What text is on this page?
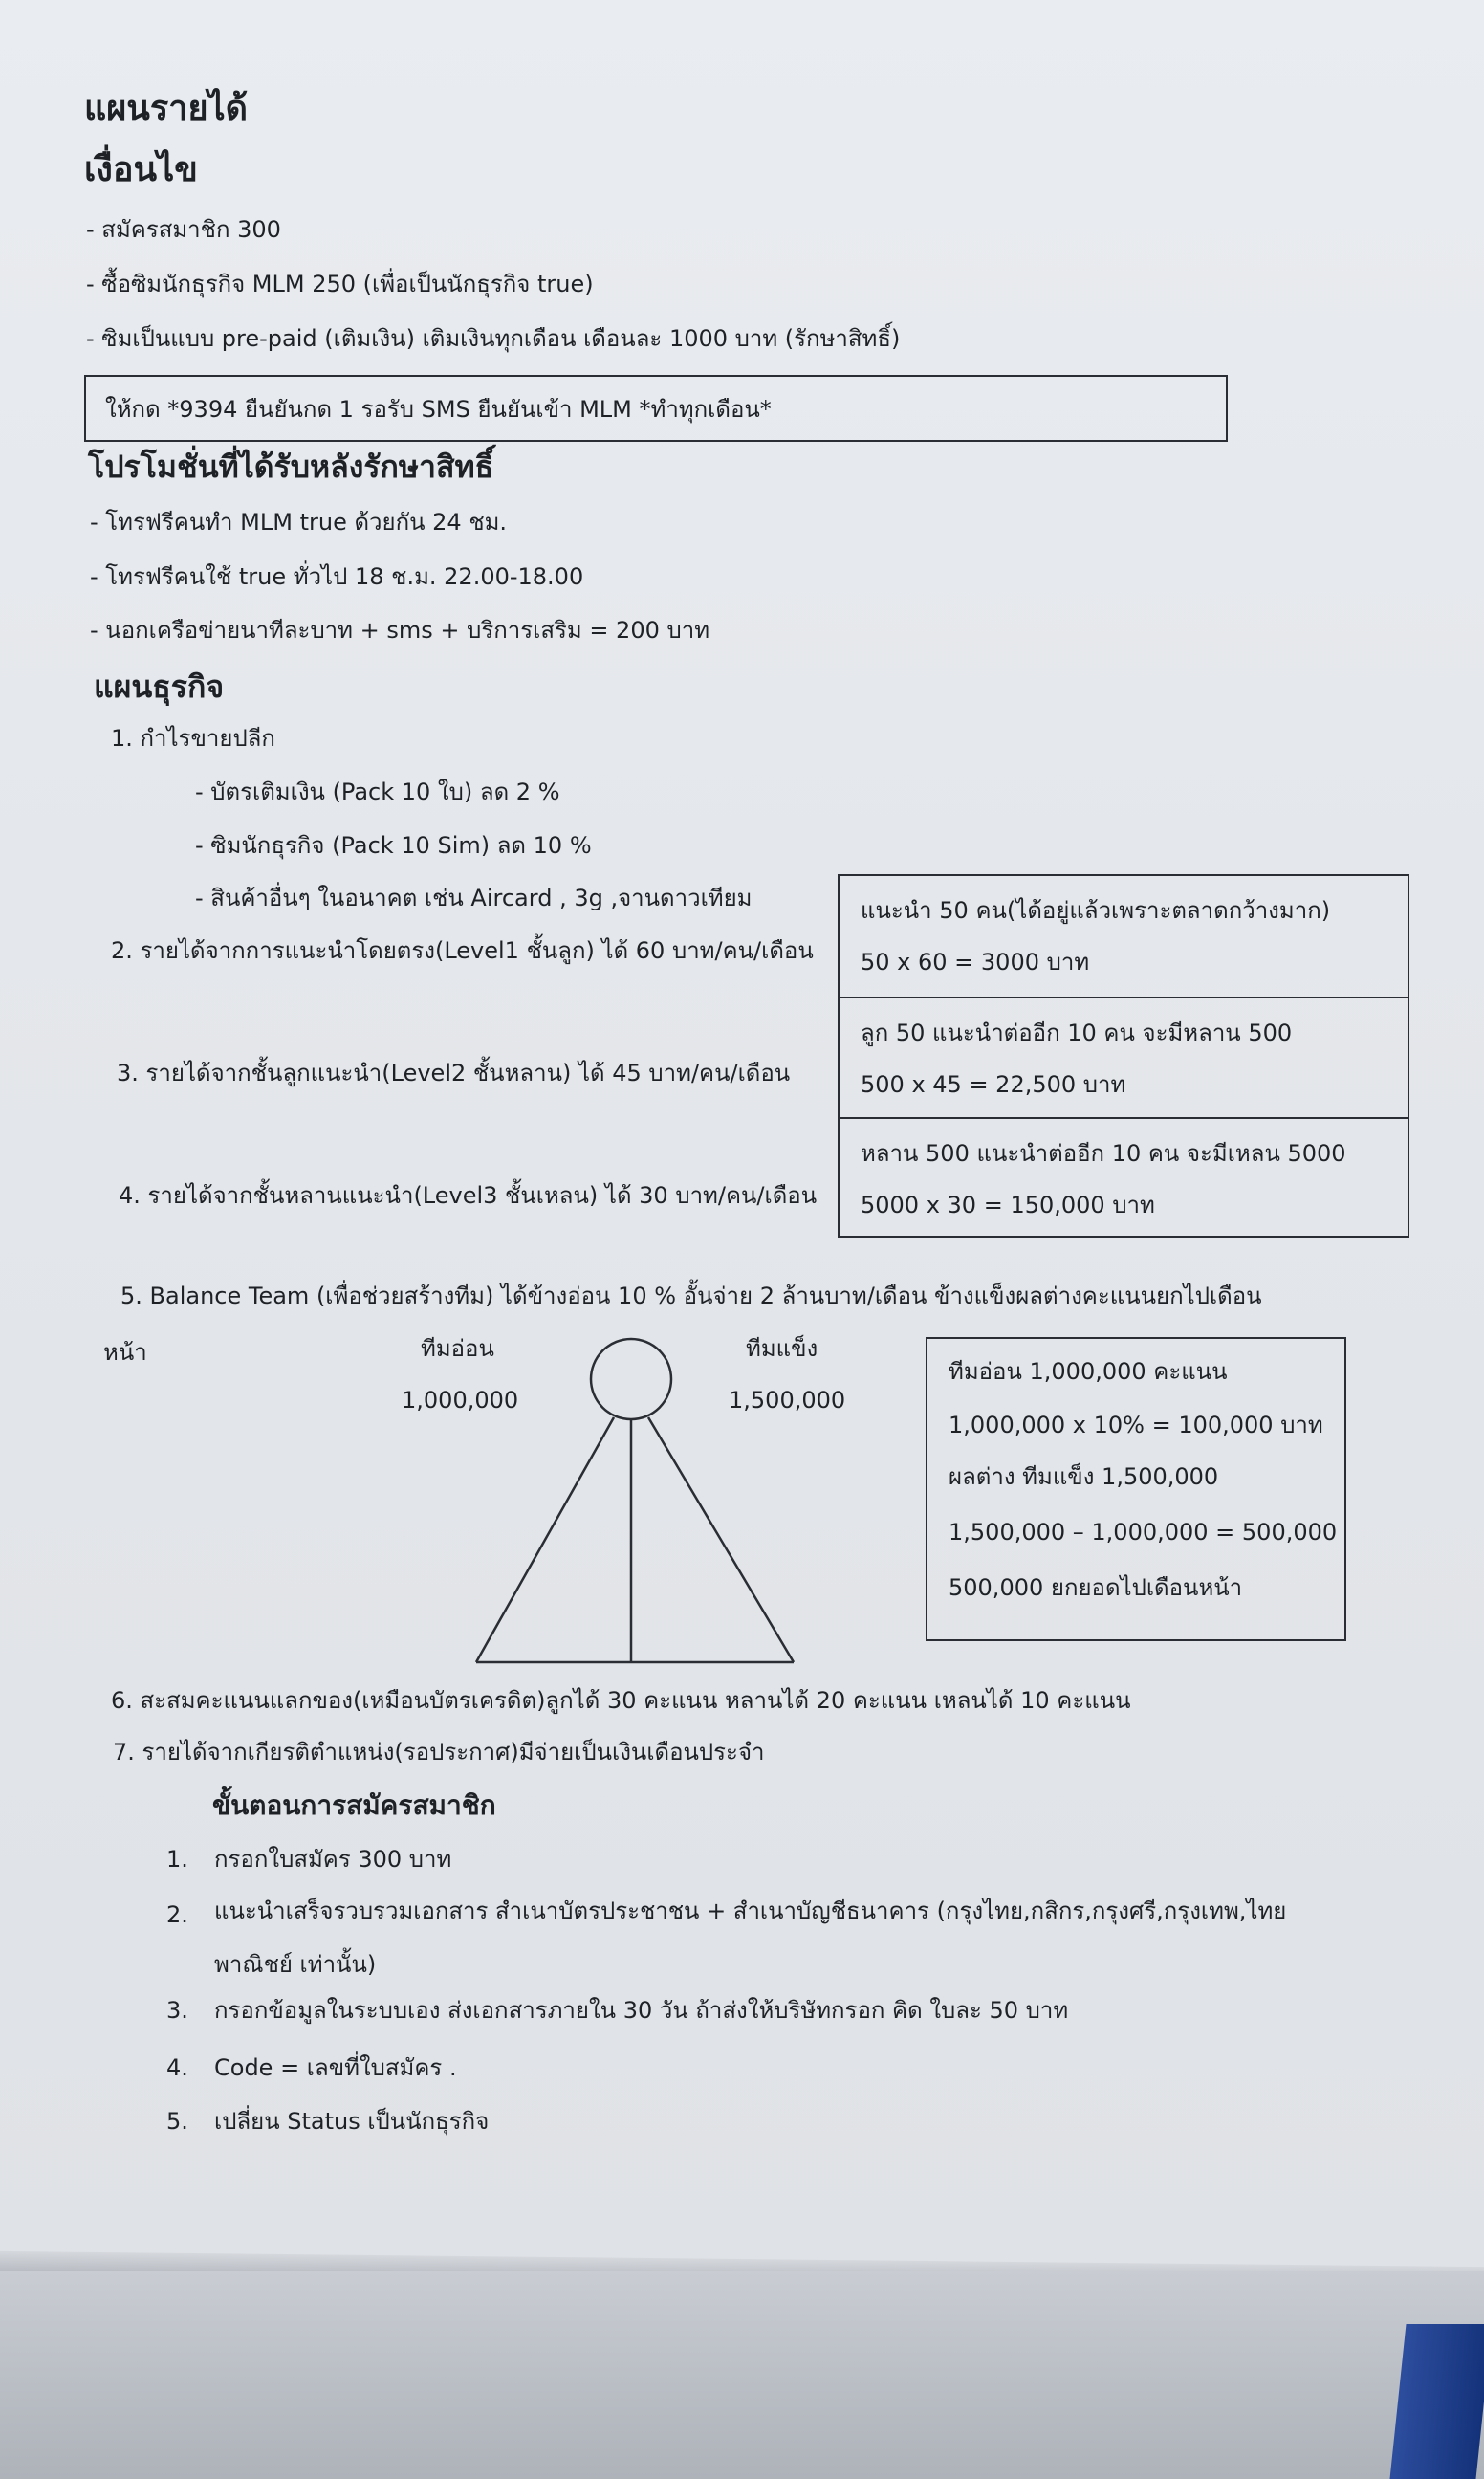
แผนรายได้
เงื่อนไข
- สมัครสมาชิก 300
- ซื้อซิมนักธุรกิจ MLM 250 (เพื่อเป็นนักธุรกิจ true)
- ซิมเป็นแบบ pre-paid (เติมเงิน) เติมเงินทุกเดือน เดือนละ 1000 บาท (รักษาสิทธิ์)
ให้กด *9394 ยืนยันกด 1 รอรับ SMS ยืนยันเข้า MLM *ทำทุกเดือน*
โปรโมชั่นที่ได้รับหลังรักษาสิทธิ์
- โทรฟรีคนทำ MLM true ด้วยกัน 24 ชม.
- โทรฟรีคนใช้ true ทั่วไป 18 ช.ม. 22.00-18.00
- นอกเครือข่ายนาทีละบาท + sms + บริการเสริม = 200 บาท
แผนธุรกิจ
1. กำไรขายปลีก
- บัตรเติมเงิน (Pack 10 ใบ) ลด 2 %
- ซิมนักธุรกิจ (Pack 10 Sim) ลด 10 %
- สินค้าอื่นๆ ในอนาคต เช่น Aircard , 3g ,จานดาวเทียม
2. รายได้จากการแนะนำโดยตรง(Level1 ชั้นลูก) ได้ 60 บาท/คน/เดือน
3. รายได้จากชั้นลูกแนะนำ(Level2 ชั้นหลาน) ได้ 45 บาท/คน/เดือน
4. รายได้จากชั้นหลานแนะนำ(Level3 ชั้นเหลน) ได้ 30 บาท/คน/เดือน
แนะนำ 50 คน(ได้อยู่แล้วเพราะตลาดกว้างมาก)
50 x 60 = 3000 บาท
ลูก 50 แนะนำต่ออีก 10 คน จะมีหลาน 500
500 x 45 = 22,500 บาท
หลาน 500 แนะนำต่ออีก 10 คน จะมีเหลน 5000
5000 x 30 = 150,000 บาท
5. Balance Team (เพื่อช่วยสร้างทีม) ได้ข้างอ่อน 10 % อั้นจ่าย 2 ล้านบาท/เดือน ข้างแข็งผลต่างคะแนนยกไปเดือน
หน้า	ทีมอ่อน
1,000,000
ทีมแข็ง
1,500,000
ทีมอ่อน 1,000,000 คะแนน
1,000,000 x 10% = 100,000 บาท
ผลต่าง ทีมแข็ง 1,500,000
1,500,000 – 1,000,000 = 500,000
500,000 ยกยอดไปเดือนหน้า
6. สะสมคะแนนแลกของ(เหมือนบัตรเครดิต)ลูกได้ 30 คะแนน หลานได้ 20 คะแนน เหลนได้ 10 คะแนน
7. รายได้จากเกียรติตำแหน่ง(รอประกาศ)มีจ่ายเป็นเงินเดือนประจำ
ขั้นตอนการสมัครสมาชิก
1. กรอกใบสมัคร 300 บาท
2. แนะนำเสร็จรวบรวมเอกสาร สำเนาบัตรประชาชน + สำเนาบัญชีธนาคาร (กรุงไทย,กสิกร,กรุงศรี,กรุงเทพ,ไทย
พาณิชย์ เท่านั้น)
3. กรอกข้อมูลในระบบเอง ส่งเอกสารภายใน 30 วัน ถ้าส่งให้บริษัทกรอก คิด ใบละ 50 บาท
4. Code = เลขที่ใบสมัคร .
5. เปลี่ยน Status เป็นนักธุรกิจ
